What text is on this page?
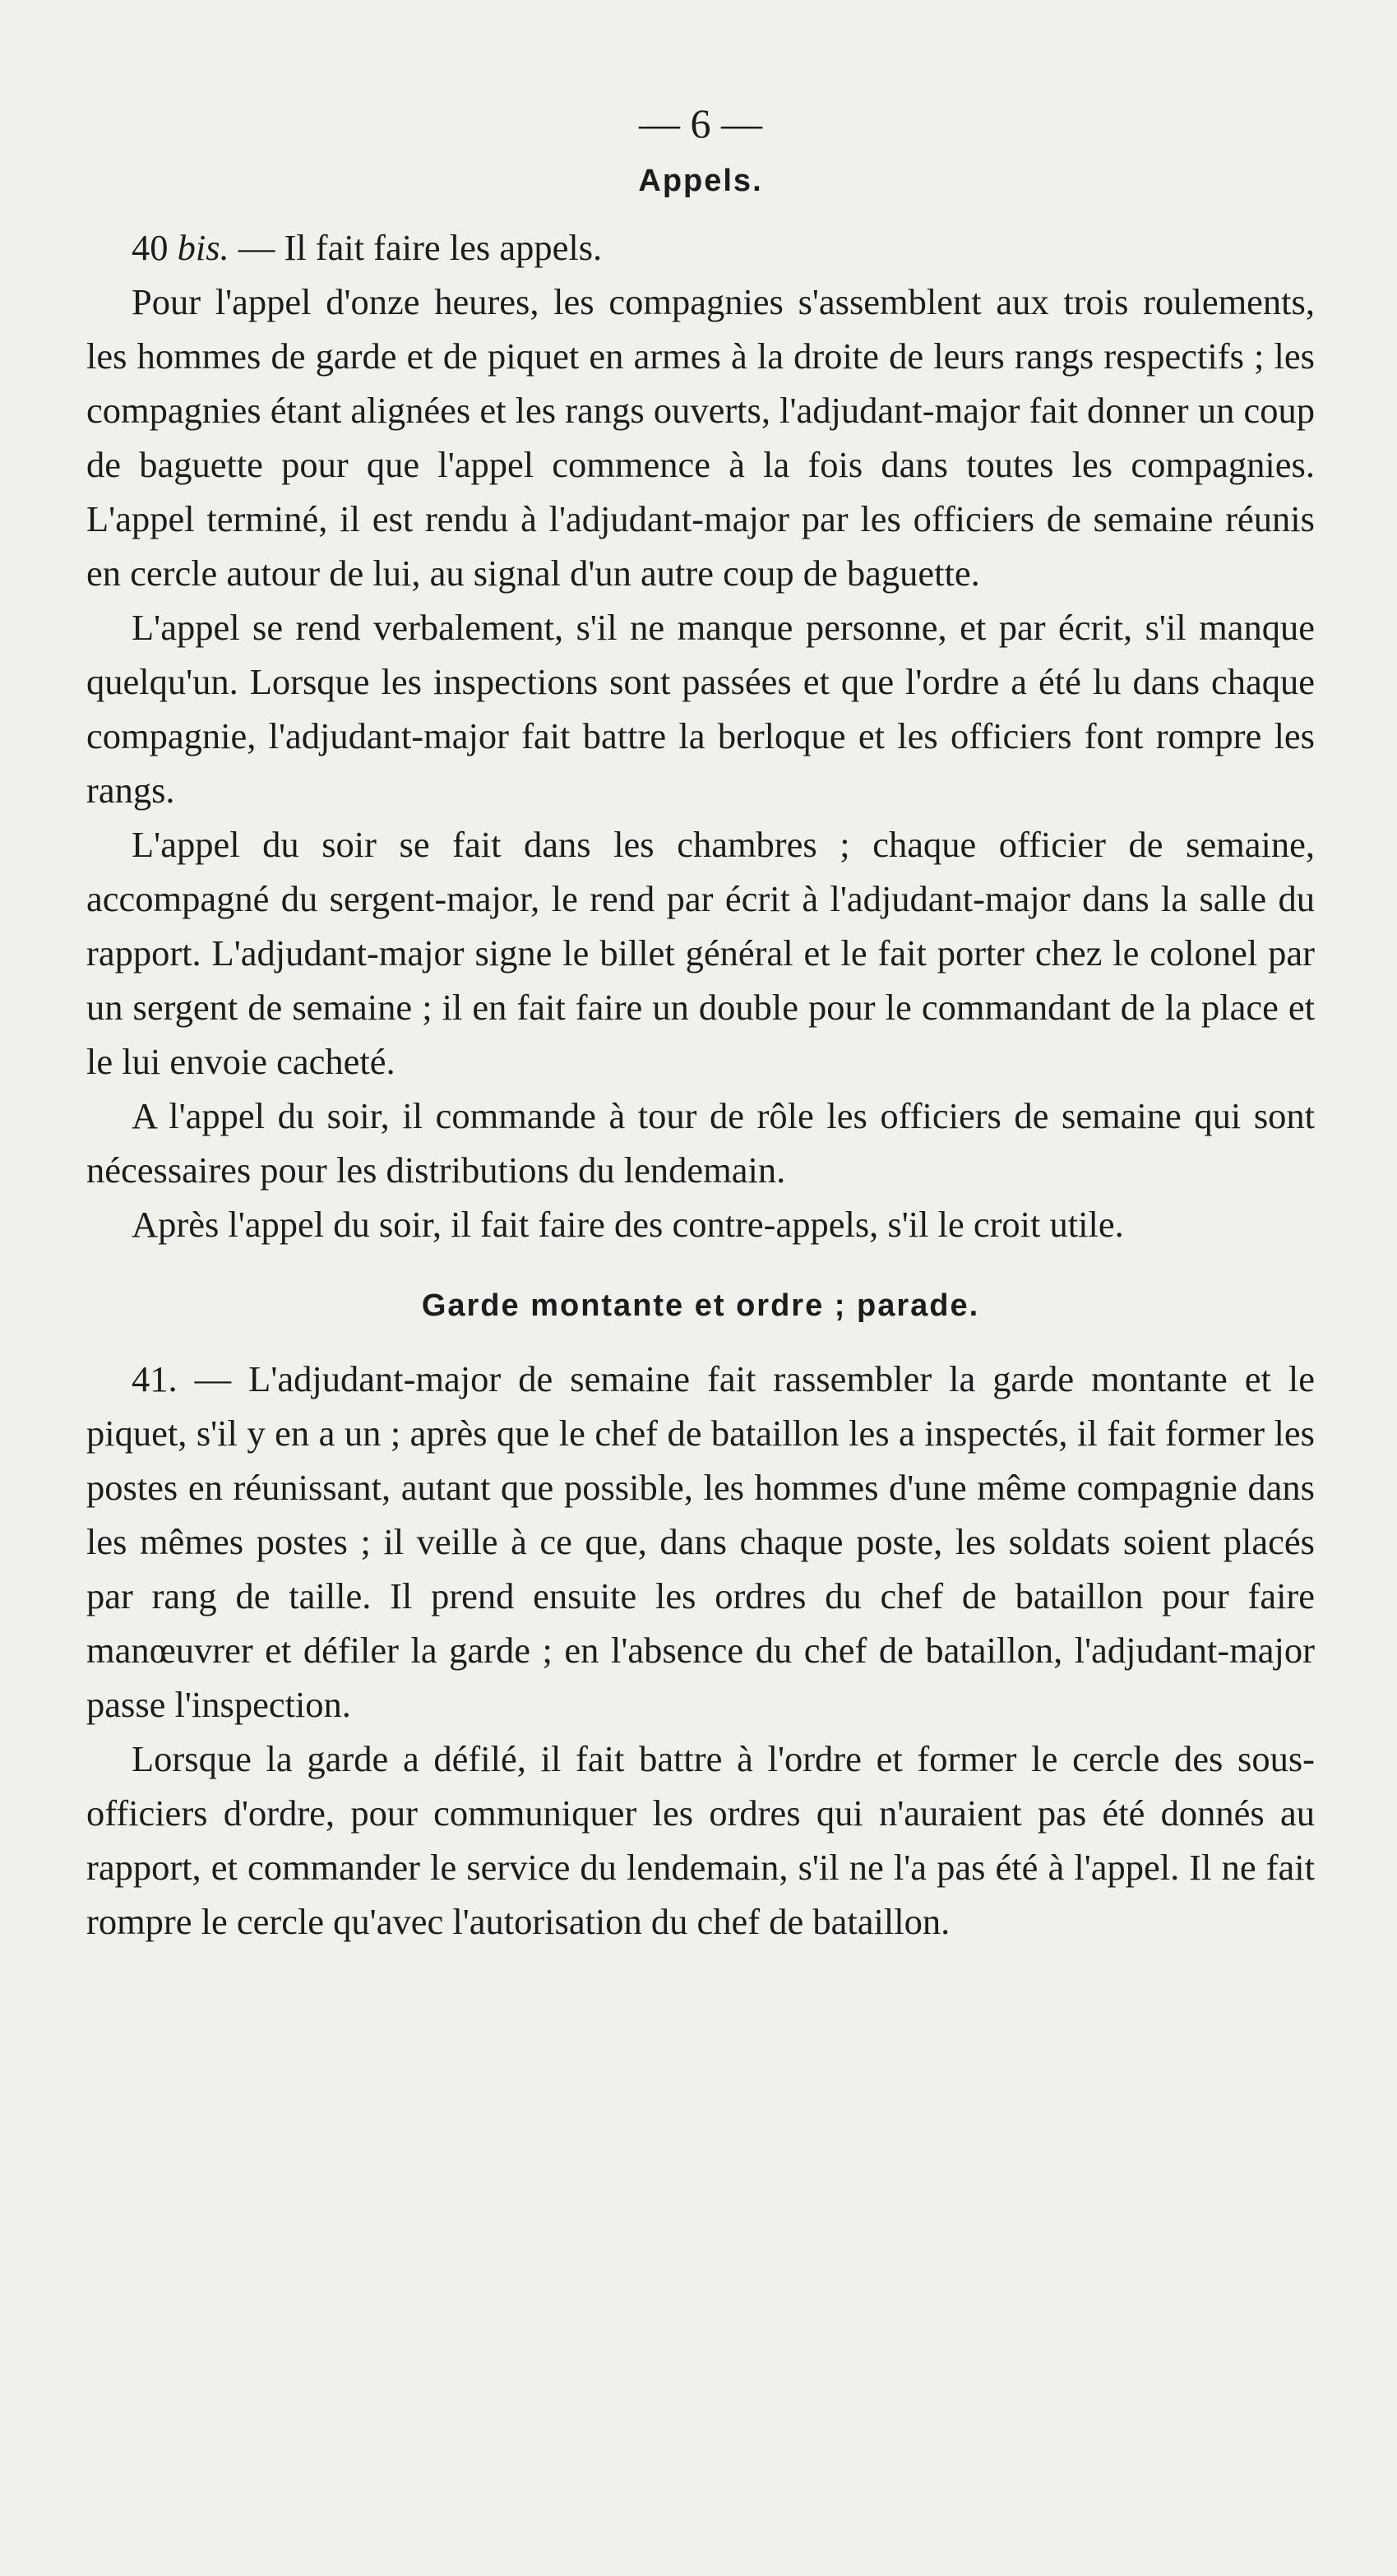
— 6 —
Appels.

40 bis. — Il fait faire les appels.

Pour l'appel d'onze heures, les compagnies s'assemblent aux trois roulements, les hommes de garde et de piquet en armes à la droite de leurs rangs respectifs ; les compagnies étant alignées et les rangs ouverts, l'adjudant-major fait donner un coup de baguette pour que l'appel commence à la fois dans toutes les compagnies. L'appel terminé, il est rendu à l'adjudant-major par les officiers de semaine réunis en cercle autour de lui, au signal d'un autre coup de baguette.

L'appel se rend verbalement, s'il ne manque personne, et par écrit, s'il manque quelqu'un. Lorsque les inspections sont passées et que l'ordre a été lu dans chaque compagnie, l'adjudant-major fait battre la berloque et les officiers font rompre les rangs.

L'appel du soir se fait dans les chambres ; chaque officier de semaine, accompagné du sergent-major, le rend par écrit à l'adjudant-major dans la salle du rapport. L'adjudant-major signe le billet général et le fait porter chez le colonel par un sergent de semaine ; il en fait faire un double pour le commandant de la place et le lui envoie cacheté.

A l'appel du soir, il commande à tour de rôle les officiers de semaine qui sont nécessaires pour les distributions du lendemain.

Après l'appel du soir, il fait faire des contre-appels, s'il le croit utile.

Garde montante et ordre ; parade.

41. — L'adjudant-major de semaine fait rassembler la garde montante et le piquet, s'il y en a un ; après que le chef de bataillon les a inspectés, il fait former les postes en réunissant, autant que possible, les hommes d'une même compagnie dans les mêmes postes ; il veille à ce que, dans chaque poste, les soldats soient placés par rang de taille. Il prend ensuite les ordres du chef de bataillon pour faire manœuvrer et défiler la garde ; en l'absence du chef de bataillon, l'adjudant-major passe l'inspection.

Lorsque la garde a défilé, il fait battre à l'ordre et former le cercle des sous-officiers d'ordre, pour communiquer les ordres qui n'auraient pas été donnés au rapport, et commander le service du lendemain, s'il ne l'a pas été à l'appel. Il ne fait rompre le cercle qu'avec l'autorisation du chef de bataillon.
